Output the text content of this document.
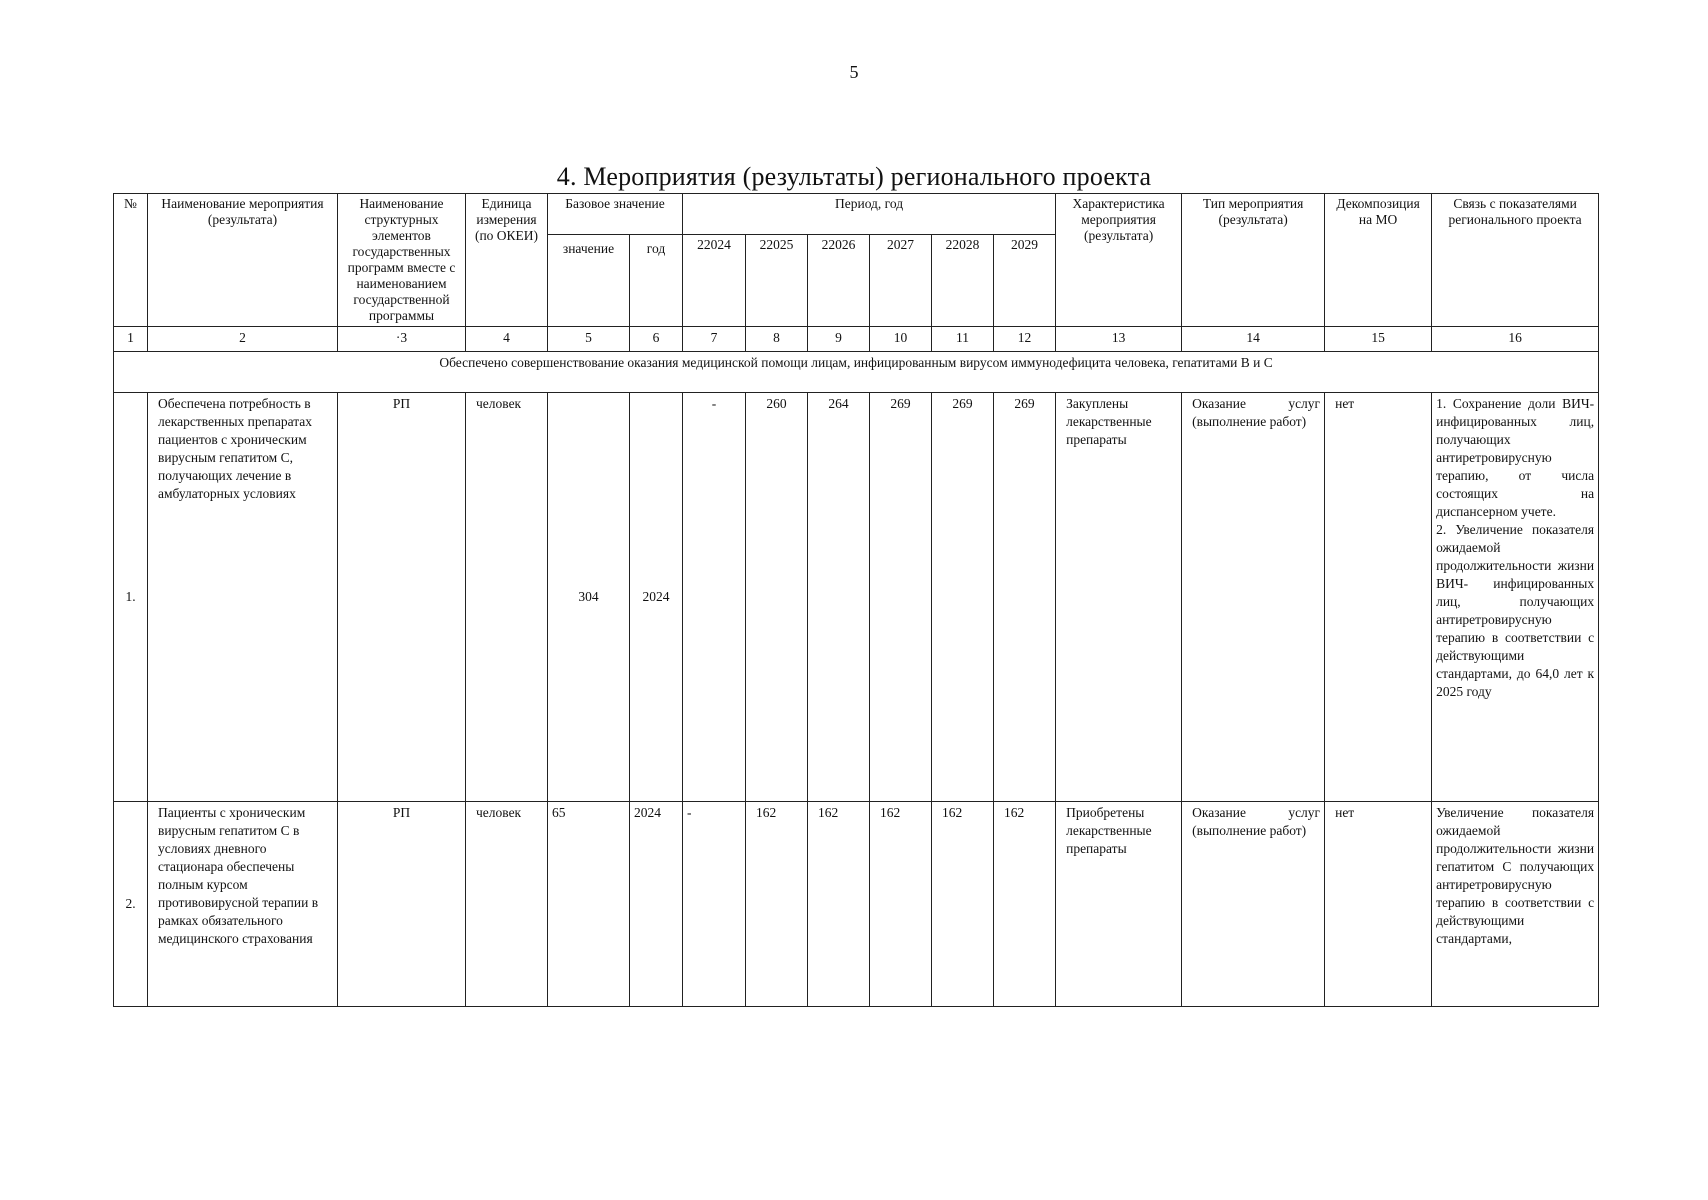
5
4. Мероприятия (результаты) регионального проекта
№	Наименование мероприятия (результата)	Наименование структурных элементов государственных программ вместе с наименованием государственной программы	Единица измерения (по ОКЕИ)	Базовое значение		Период, год						Характеристика мероприятия (результата)	Тип мероприятия (результата)	Декомпозиция на МО	Связь с показателями регионального проекта
				значение	год	22024	22025	22026	2027	22028	2029				

1	2	·3	4	5	6	7	8	9	10	11	12	13	14	15	16
Обеспечено совершенствование оказания медицинской помощи лицам, инфицированным вирусом иммунодефицита человека, гепатитами В и С															
1.	Обеспечена потребность в лекарственных препаратах пациентов с хроническим вирусным гепатитом С, получающих лечение в амбулаторных условиях	РП	человек	304	2024	-	260	264	269	269	269	Закуплены лекарственные препараты	Оказание услуг (выполнение работ)	нет	1. Сохранение доли ВИЧ- инфицированных лиц, получающих антиретровирусную терапию, от числа состоящих на диспансерном учете.
2. Увеличение показателя ожидаемой продолжительности жизни ВИЧ- инфицированных лиц, получающих антиретровирусную терапию в соответствии с действующими стандартами, до 64,0 лет к 2025 году

2.	Пациенты с хроническим вирусным гепатитом С в условиях дневного стационара обеспечены полным курсом противовирусной терапии в рамках обязательного медицинского страхования	РП	человек	65	2024	-	162	162	162	162	162	Приобретены лекарственные препараты	Оказание услуг (выполнение работ)	нет	Увеличение показателя ожидаемой продолжительности жизни гепатитом С получающих антиретровирусную терапию в соответствии с действующими стандартами,
